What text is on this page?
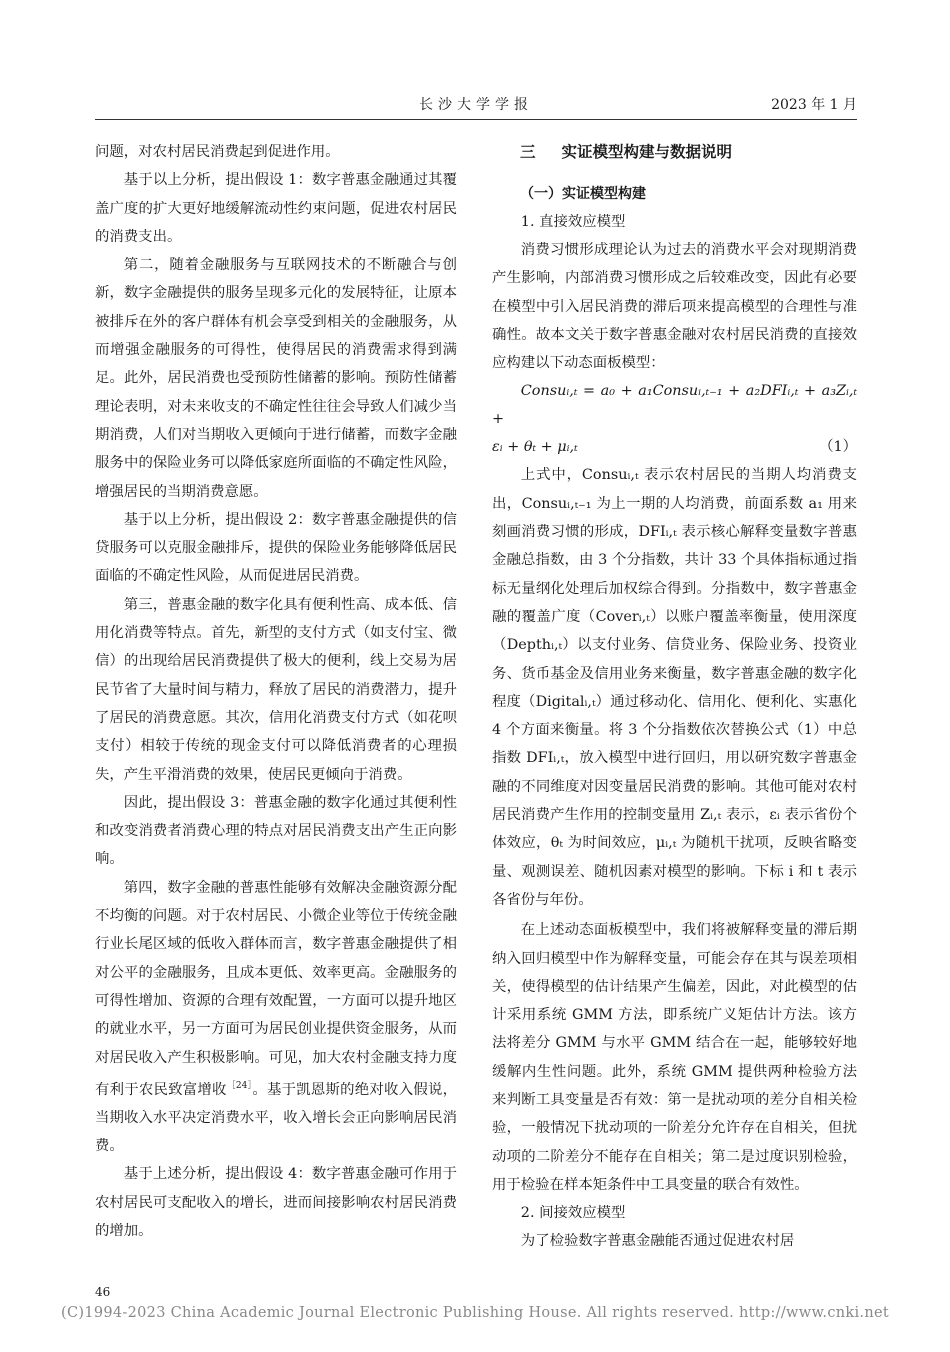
长沙大学学报	2023 年 1 月

问题，对农村居民消费起到促进作用。

基于以上分析，提出假设 1：数字普惠金融通过其覆盖广度的扩大更好地缓解流动性约束问题，促进农村居民的消费支出。

第二，随着金融服务与互联网技术的不断融合与创新，数字金融提供的服务呈现多元化的发展特征，让原本被排斥在外的客户群体有机会享受到相关的金融服务，从而增强金融服务的可得性，使得居民的消费需求得到满足。此外，居民消费也受预防性储蓄的影响。预防性储蓄理论表明，对未来收支的不确定性往往会导致人们减少当期消费，人们对当期收入更倾向于进行储蓄，而数字金融服务中的保险业务可以降低家庭所面临的不确定性风险，增强居民的当期消费意愿。

基于以上分析，提出假设 2：数字普惠金融提供的信贷服务可以克服金融排斥，提供的保险业务能够降低居民面临的不确定性风险，从而促进居民消费。

第三，普惠金融的数字化具有便利性高、成本低、信用化消费等特点。首先，新型的支付方式（如支付宝、微信）的出现给居民消费提供了极大的便利，线上交易为居民节省了大量时间与精力，释放了居民的消费潜力，提升了居民的消费意愿。其次，信用化消费支付方式（如花呗支付）相较于传统的现金支付可以降低消费者的心理损失，产生平滑消费的效果，使居民更倾向于消费。

因此，提出假设 3：普惠金融的数字化通过其便利性和改变消费者消费心理的特点对居民消费支出产生正向影响。

第四，数字金融的普惠性能够有效解决金融资源分配不均衡的问题。对于农村居民、小微企业等位于传统金融行业长尾区域的低收入群体而言，数字普惠金融提供了相对公平的金融服务，且成本更低、效率更高。金融服务的可得性增加、资源的合理有效配置，一方面可以提升地区的就业水平，另一方面可为居民创业提供资金服务，从而对居民收入产生积极影响。可见，加大农村金融支持力度有利于农民致富增收$^{[24]}$。基于凯恩斯的绝对收入假说，当期收入水平决定消费水平，收入增长会正向影响居民消费。

基于上述分析，提出假设 4：数字普惠金融可作用于农村居民可支配收入的增长，进而间接影响农村居民消费的增加。

三 实证模型构建与数据说明
（一）实证模型构建
1. 直接效应模型

消费习惯形成理论认为过去的消费水平会对现期消费产生影响，内部消费习惯形成之后较难改变，因此有必要在模型中引入居民消费的滞后项来提高模型的合理性与准确性。故本文关于数字普惠金融对农村居民消费的直接效应构建以下动态面板模型：

Consuᵢ,ₜ = a₀ + a₁Consuᵢ,ₜ₋₁ + a₂DFIᵢ,ₜ + a₃Zᵢ,ₜ +

εᵢ + θₜ + μᵢ,ₜ	（1）

上式中，Consuᵢ,ₜ 表示农村居民的当期人均消费支出，Consuᵢ,ₜ₋₁ 为上一期的人均消费，前面系数 a₁ 用来刻画消费习惯的形成，DFIᵢ,ₜ 表示核心解释变量数字普惠金融总指数，由 3 个分指数，共计 33 个具体指标通过指标无量纲化处理后加权综合得到。分指数中，数字普惠金融的覆盖广度（Coverᵢ,ₜ）以账户覆盖率衡量，使用深度（Depthᵢ,ₜ）以支付业务、信贷业务、保险业务、投资业务、货币基金及信用业务来衡量，数字普惠金融的数字化程度（Digitalᵢ,ₜ）通过移动化、信用化、便利化、实惠化 4 个方面来衡量。将 3 个分指数依次替换公式（1）中总指数 DFIᵢ,ₜ，放入模型中进行回归，用以研究数字普惠金融的不同维度对因变量居民消费的影响。其他可能对农村居民消费产生作用的控制变量用 Zᵢ,ₜ 表示，εᵢ 表示省份个体效应，θₜ 为时间效应，μᵢ,ₜ 为随机干扰项，反映省略变量、观测误差、随机因素对模型的影响。下标 i 和 t 表示各省份与年份。

在上述动态面板模型中，我们将被解释变量的滞后期纳入回归模型中作为解释变量，可能会存在其与误差项相关，使得模型的估计结果产生偏差，因此，对此模型的估计采用系统 GMM 方法，即系统广义矩估计方法。该方法将差分 GMM 与水平 GMM 结合在一起，能够较好地缓解内生性问题。此外，系统 GMM 提供两种检验方法来判断工具变量是否有效：第一是扰动项的差分自相关检验，一般情况下扰动项的一阶差分允许存在自相关，但扰动项的二阶差分不能存在自相关；第二是过度识别检验，用于检验在样本矩条件中工具变量的联合有效性。

2. 间接效应模型

为了检验数字普惠金融能否通过促进农村居

46
(C)1994-2023 China Academic Journal Electronic Publishing House. All rights reserved. http://www.cnki.net
